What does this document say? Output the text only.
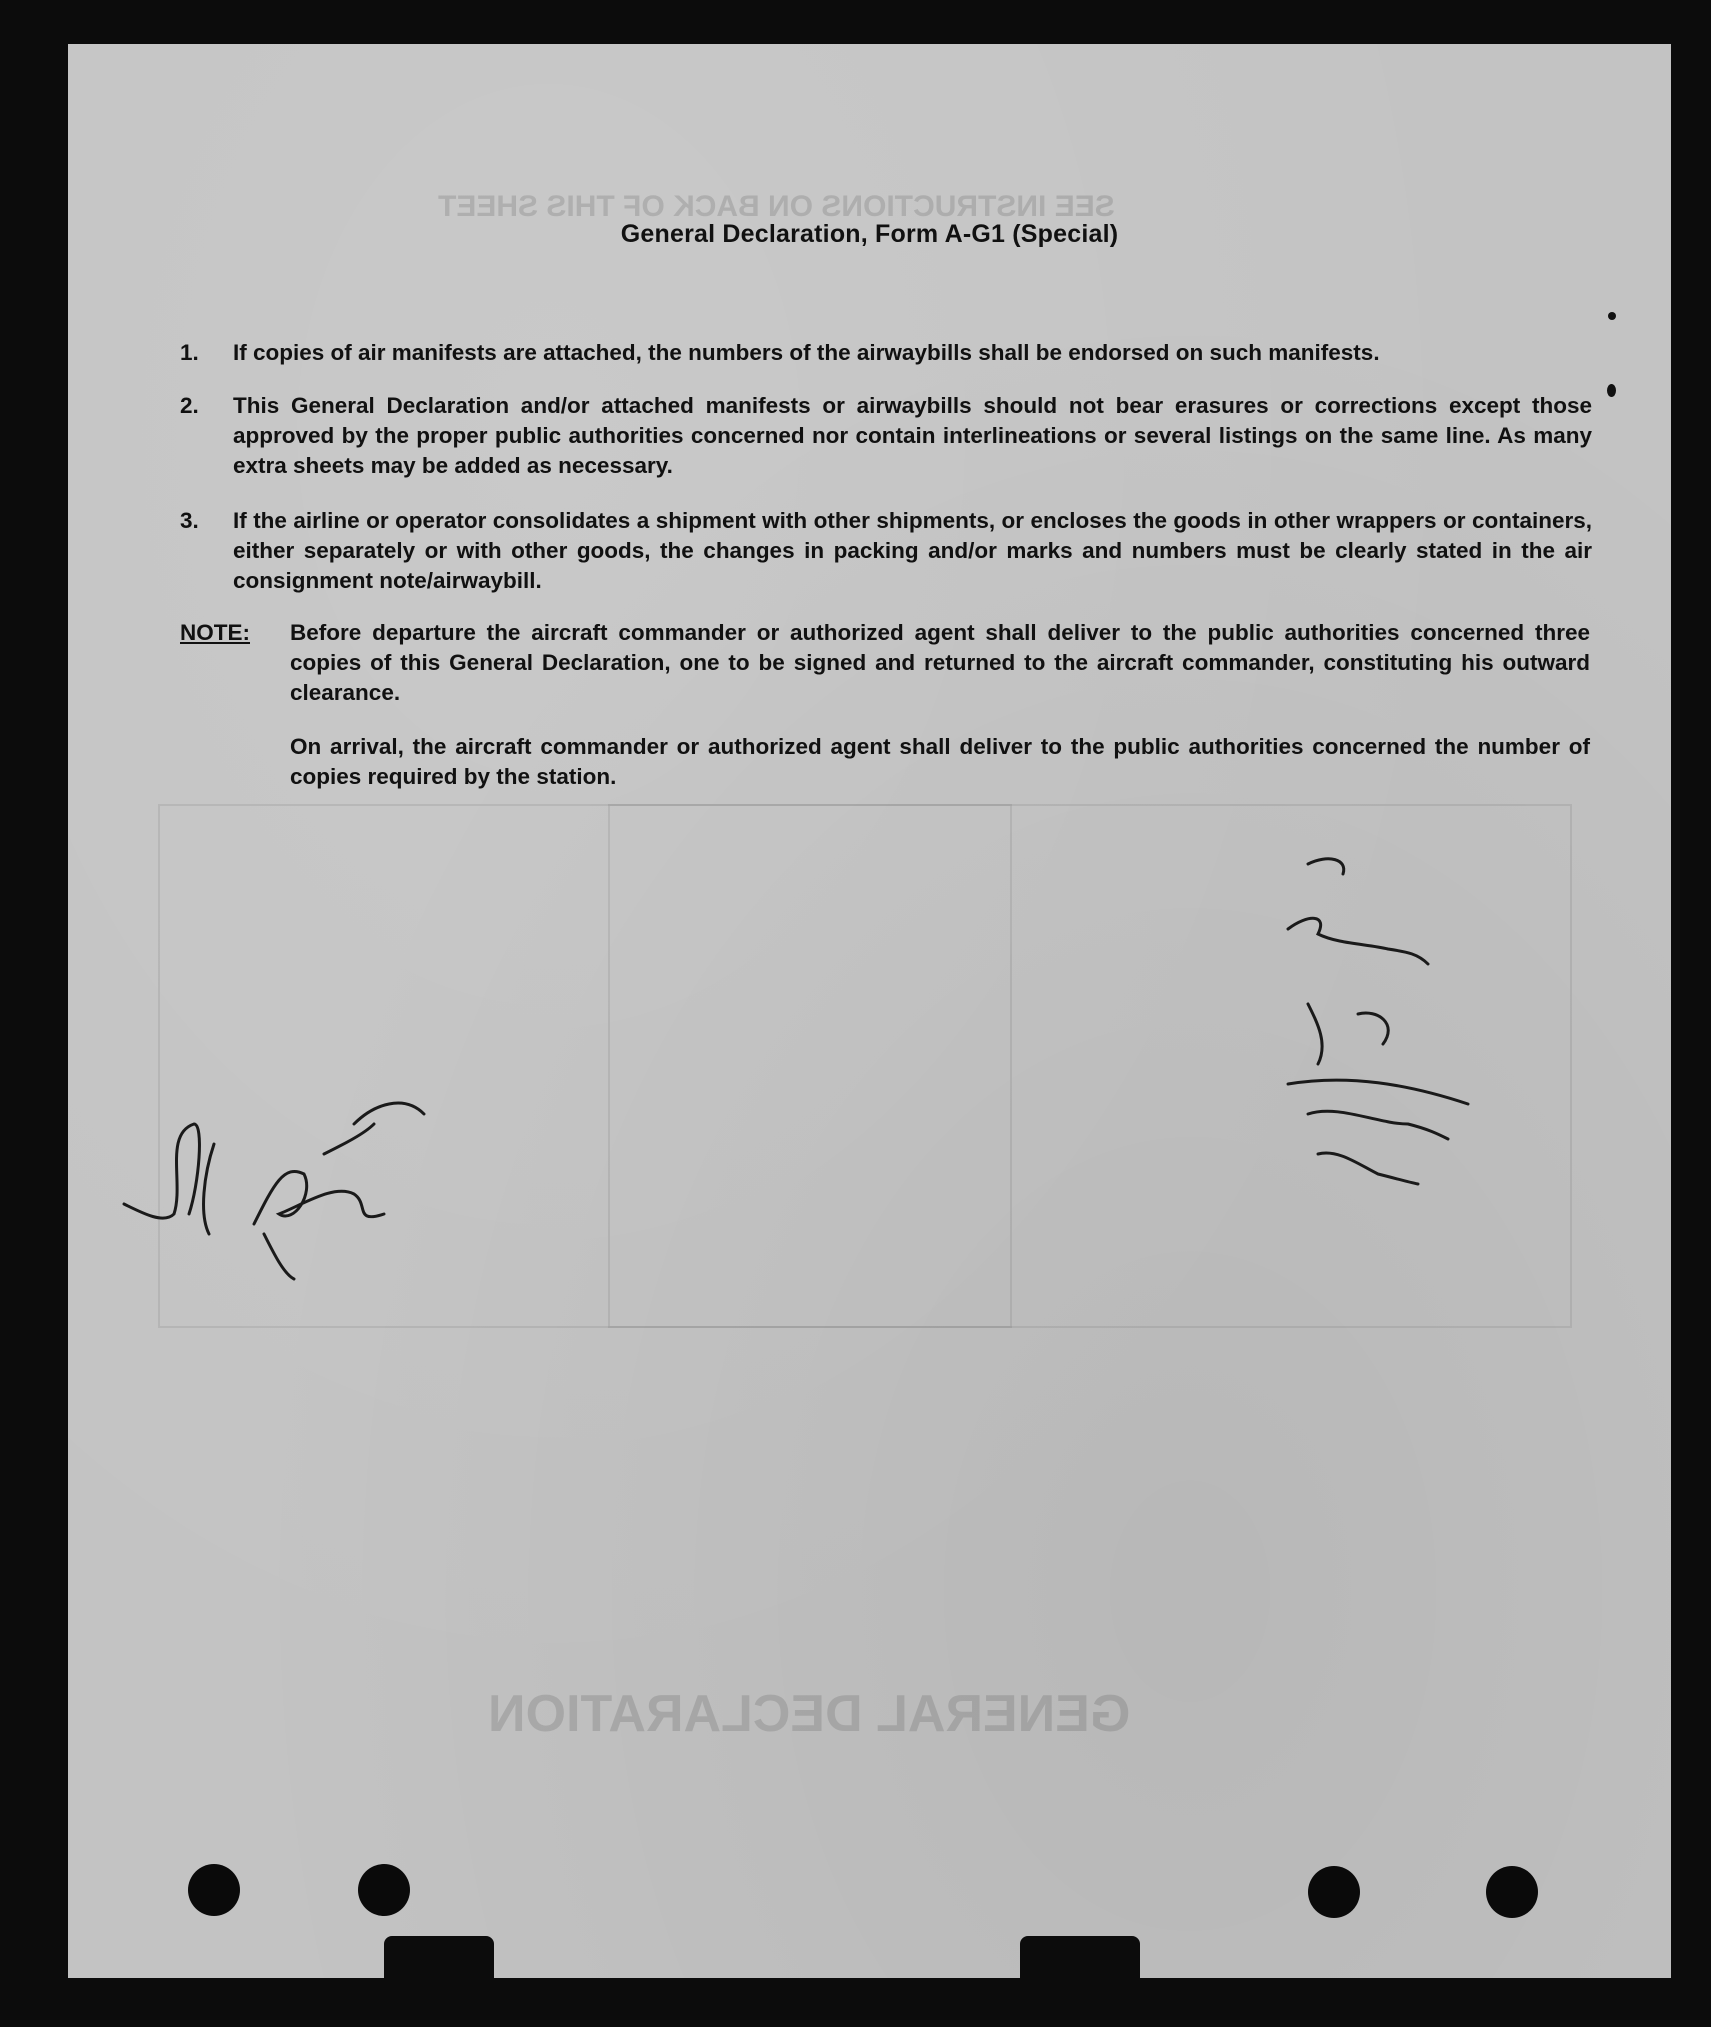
SEE INSTRUCTIONS ON BACK OF THIS SHEET
GENERAL DECLARATION
General Declaration, Form A-G1 (Special)
1.	If copies of air manifests are attached, the numbers of the airwaybills shall be endorsed on such manifests.
2.	This General Declaration and/or attached manifests or airwaybills should not bear erasures or corrections except those approved by the proper public authorities concerned nor contain interlineations or several listings on the same line. As many extra sheets may be added as necessary.
3.	If the airline or operator consolidates a shipment with other shipments, or encloses the goods in other wrappers or containers, either separately or with other goods, the changes in packing and/or marks and numbers must be clearly stated in the air consignment note/airwaybill.
NOTE: Before departure the aircraft commander or authorized agent shall deliver to the public authorities concerned three copies of this General Declaration, one to be signed and returned to the aircraft commander, constituting his outward clearance.
On arrival, the aircraft commander or authorized agent shall deliver to the public authorities concerned the number of copies required by the station.
